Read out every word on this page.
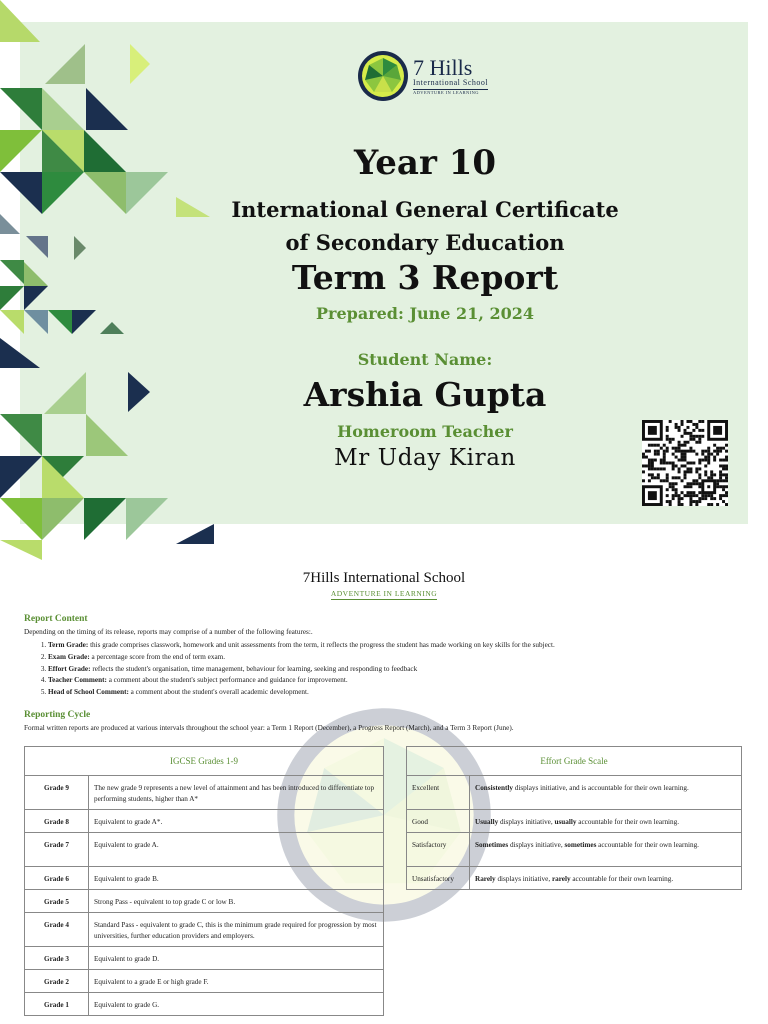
7 Hills
International School
ADVENTURE IN LEARNING
Year 10
International General Certificate
of Secondary Education
Term 3 Report
Prepared: June 21, 2024
Student Name:
Arshia Gupta
Homeroom Teacher
Mr Uday Kiran
7Hills International School
ADVENTURE IN LEARNING
Report Content
Depending on the timing of its release, reports may comprise of a number of the following features:.
1. Term Grade: this grade comprises classwork, homework and unit assessments from the term, it reflects the progress the student has made working on key skills for the subject.
2. Exam Grade: a percentage score from the end of term exam.
3. Effort Grade: reflects the student's organisation, time management, behaviour for learning, seeking and responding to feedback
4. Teacher Comment: a comment about the student's subject performance and guidance for improvement.
5. Head of School Comment: a comment about the student's overall academic development.
Reporting Cycle
Formal written reports are produced at various intervals throughout the school year: a Term 1 Report (December), a Progress Report (March), and a Term 3 Report (June).
IGCSE Grades 1-9	
Grade 9	The new grade 9 represents a new level of attainment and has been introduced to differentiate top performing students, higher than A*
Grade 8	Equivalent to grade A*.
Grade 7	Equivalent to grade A.
Grade 6	Equivalent to grade B.
Grade 5	Strong Pass - equivalent to top grade C or low B.
Grade 4	Standard Pass - equivalent to grade C, this is the minimum grade required for progression by most universities, further education providers and employers.
Grade 3	Equivalent to grade D.
Grade 2	Equivalent to a grade E or high grade F.
Grade 1	Equivalent to grade G.
Effort Grade Scale	
Excellent	Consistently displays initiative, and is accountable for their own learning.
Good	Usually displays initiative, usually accountable for their own learning.
Satisfactory	Sometimes displays initiative, sometimes accountable for their own learning.
Unsatisfactory	Rarely displays initiative, rarely accountable for their own learning.
